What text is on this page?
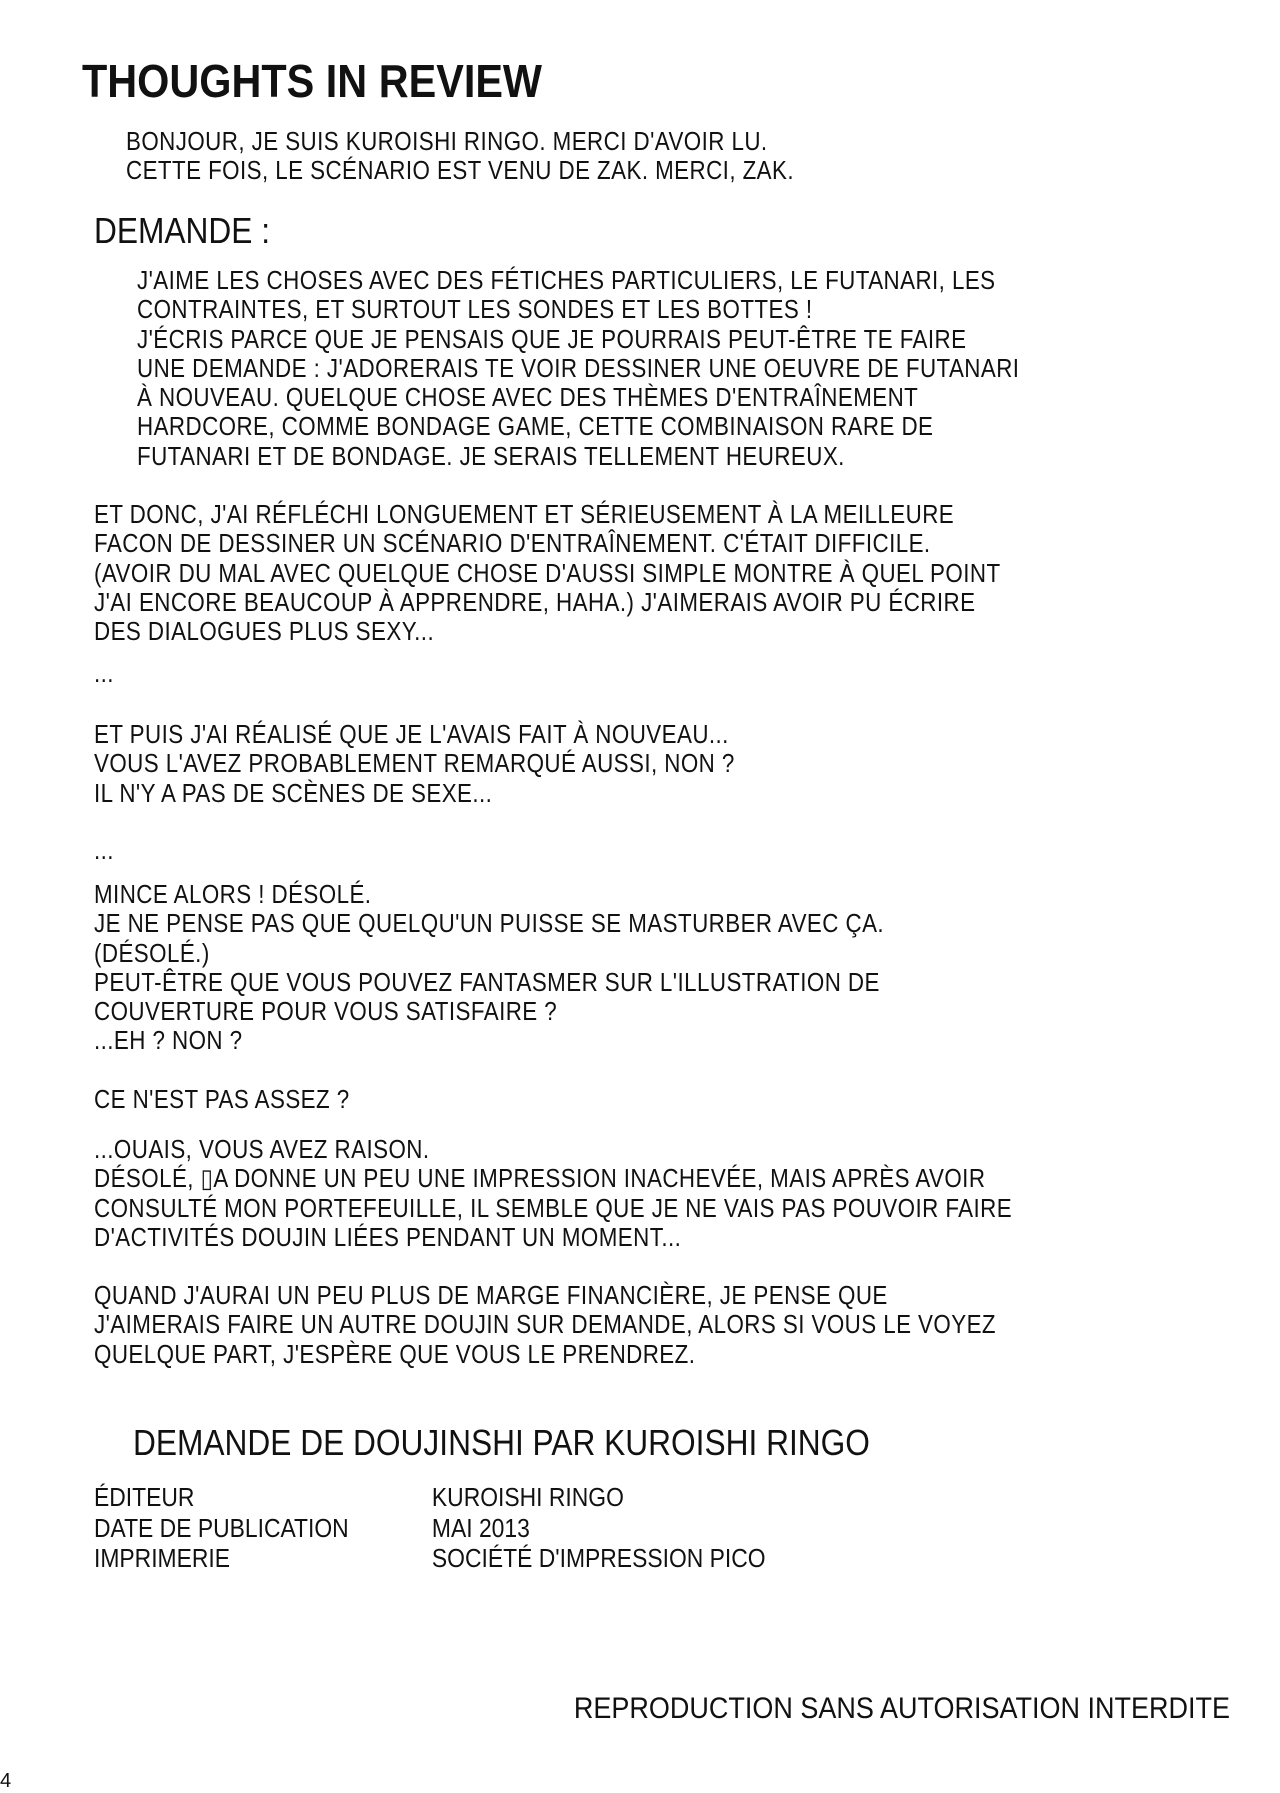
THOUGHTS IN REVIEW
BONJOUR, JE SUIS KUROISHI RINGO. MERCI D'AVOIR LU.
CETTE FOIS, LE SCÉNARIO EST VENU DE ZAK. MERCI, ZAK.
DEMANDE :
J'AIME LES CHOSES AVEC DES FÉTICHES PARTICULIERS, LE FUTANARI, LES
CONTRAINTES, ET SURTOUT LES SONDES ET LES BOTTES !
J'ÉCRIS PARCE QUE JE PENSAIS QUE JE POURRAIS PEUT-ÊTRE TE FAIRE
UNE DEMANDE : J'ADORERAIS TE VOIR DESSINER UNE OEUVRE DE FUTANARI
À NOUVEAU. QUELQUE CHOSE AVEC DES THÈMES D'ENTRAÎNEMENT
HARDCORE, COMME BONDAGE GAME, CETTE COMBINAISON RARE DE
FUTANARI ET DE BONDAGE. JE SERAIS TELLEMENT HEUREUX.
ET DONC, J'AI RÉFLÉCHI LONGUEMENT ET SÉRIEUSEMENT À LA MEILLEURE
FACON DE DESSINER UN SCÉNARIO D'ENTRAÎNEMENT. C'ÉTAIT DIFFICILE.
(AVOIR DU MAL AVEC QUELQUE CHOSE D'AUSSI SIMPLE MONTRE À QUEL POINT
J'AI ENCORE BEAUCOUP À APPRENDRE, HAHA.) J'AIMERAIS AVOIR PU ÉCRIRE
DES DIALOGUES PLUS SEXY...
...
ET PUIS J'AI RÉALISÉ QUE JE L'AVAIS FAIT À NOUVEAU...
VOUS L'AVEZ PROBABLEMENT REMARQUÉ AUSSI, NON ?
IL N'Y A PAS DE SCÈNES DE SEXE...
...
MINCE ALORS ! DÉSOLÉ.
JE NE PENSE PAS QUE QUELQU'UN PUISSE SE MASTURBER AVEC ÇA.
(DÉSOLÉ.)
PEUT-ÊTRE QUE VOUS POUVEZ FANTASMER SUR L'ILLUSTRATION DE
COUVERTURE POUR VOUS SATISFAIRE ?
...EH ? NON ?
CE N'EST PAS ASSEZ ?
...OUAIS, VOUS AVEZ RAISON.
DÉSOLÉ, ▯A DONNE UN PEU UNE IMPRESSION INACHEVÉE, MAIS APRÈS AVOIR
CONSULTÉ MON PORTEFEUILLE, IL SEMBLE QUE JE NE VAIS PAS POUVOIR FAIRE
D'ACTIVITÉS DOUJIN LIÉES PENDANT UN MOMENT...
QUAND J'AURAI UN PEU PLUS DE MARGE FINANCIÈRE, JE PENSE QUE
J'AIMERAIS FAIRE UN AUTRE DOUJIN SUR DEMANDE, ALORS SI VOUS LE VOYEZ
QUELQUE PART, J'ESPÈRE QUE VOUS LE PRENDREZ.
DEMANDE DE DOUJINSHI PAR KUROISHI RINGO
ÉDITEUR	KUROISHI RINGO
DATE DE PUBLICATION	MAI 2013
IMPRIMERIE	SOCIÉTÉ D'IMPRESSION PICO
REPRODUCTION SANS AUTORISATION INTERDITE
4
